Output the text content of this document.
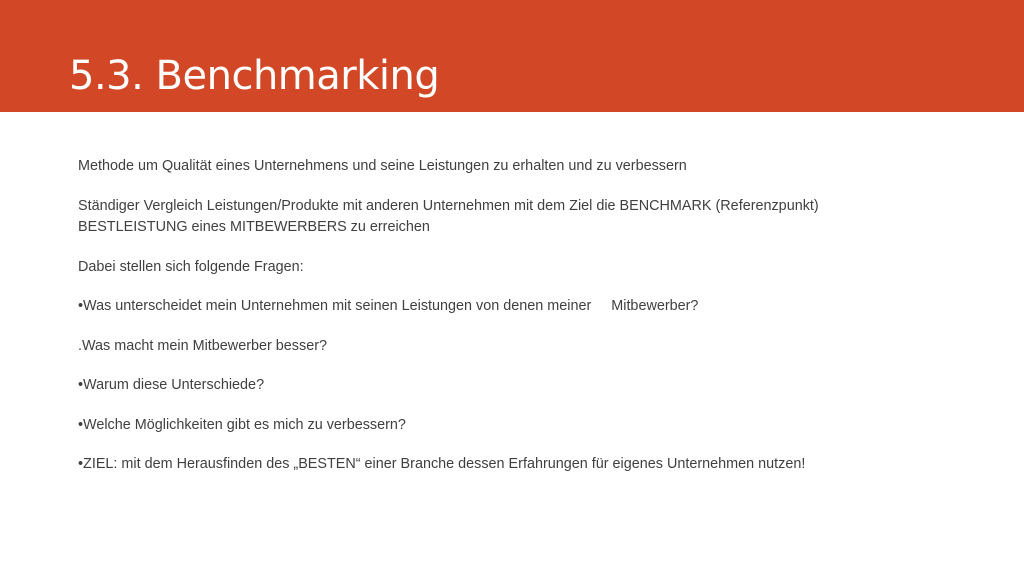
5.3. Benchmarking

Methode um Qualität eines Unternehmens und seine Leistungen zu erhalten und zu verbessern

Ständiger Vergleich Leistungen/Produkte mit anderen Unternehmen mit dem Ziel die BENCHMARK (Referenzpunkt) BESTLEISTUNG eines MITBEWERBERS zu erreichen

Dabei stellen sich folgende Fragen:

•Was unterscheidet mein Unternehmen mit seinen Leistungen von denen meiner     Mitbewerber?

.Was macht mein Mitbewerber besser?

•Warum diese Unterschiede?

•Welche Möglichkeiten gibt es mich zu verbessern?

•ZIEL: mit dem Herausfinden des „BESTEN“ einer Branche dessen Erfahrungen für eigenes Unternehmen nutzen!
